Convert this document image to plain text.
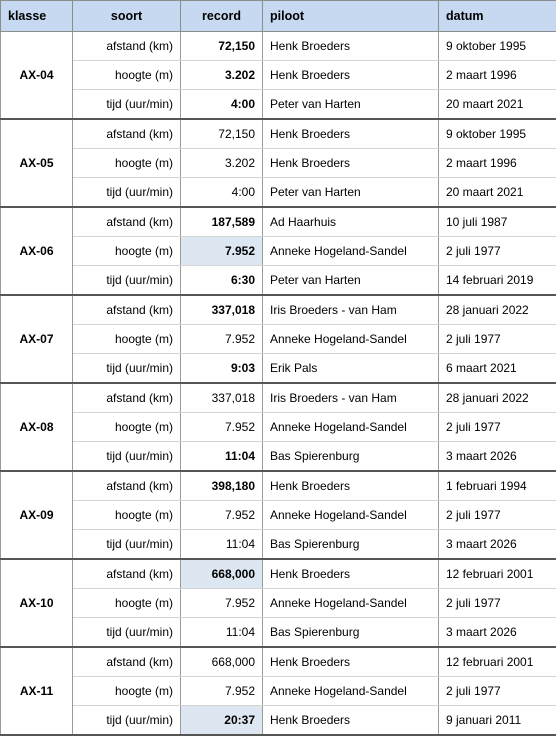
klasse	soort	record	piloot	datum
AX-04	afstand (km)	72,150	Henk Broeders	9 oktober 1995
	hoogte (m)	3.202	Henk Broeders	2 maart 1996
	tijd (uur/min)	4:00	Peter van Harten	20 maart 2021
AX-05	afstand (km)	72,150	Henk Broeders	9 oktober 1995
	hoogte (m)	3.202	Henk Broeders	2 maart 1996
	tijd (uur/min)	4:00	Peter van Harten	20 maart 2021
AX-06	afstand (km)	187,589	Ad Haarhuis	10 juli 1987
	hoogte (m)	7.952	Anneke Hogeland-Sandel	2 juli 1977
	tijd (uur/min)	6:30	Peter van Harten	14 februari 2019
AX-07	afstand (km)	337,018	Iris Broeders - van Ham	28 januari 2022
	hoogte (m)	7.952	Anneke Hogeland-Sandel	2 juli 1977
	tijd (uur/min)	9:03	Erik Pals	6 maart 2021
AX-08	afstand (km)	337,018	Iris Broeders - van Ham	28 januari 2022
	hoogte (m)	7.952	Anneke Hogeland-Sandel	2 juli 1977
	tijd (uur/min)	11:04	Bas Spierenburg	3 maart 2026
AX-09	afstand (km)	398,180	Henk Broeders	1 februari 1994
	hoogte (m)	7.952	Anneke Hogeland-Sandel	2 juli 1977
	tijd (uur/min)	11:04	Bas Spierenburg	3 maart 2026
AX-10	afstand (km)	668,000	Henk Broeders	12 februari 2001
	hoogte (m)	7.952	Anneke Hogeland-Sandel	2 juli 1977
	tijd (uur/min)	11:04	Bas Spierenburg	3 maart 2026
AX-11	afstand (km)	668,000	Henk Broeders	12 februari 2001
	hoogte (m)	7.952	Anneke Hogeland-Sandel	2 juli 1977
	tijd (uur/min)	20:37	Henk Broeders	9 januari 2011
